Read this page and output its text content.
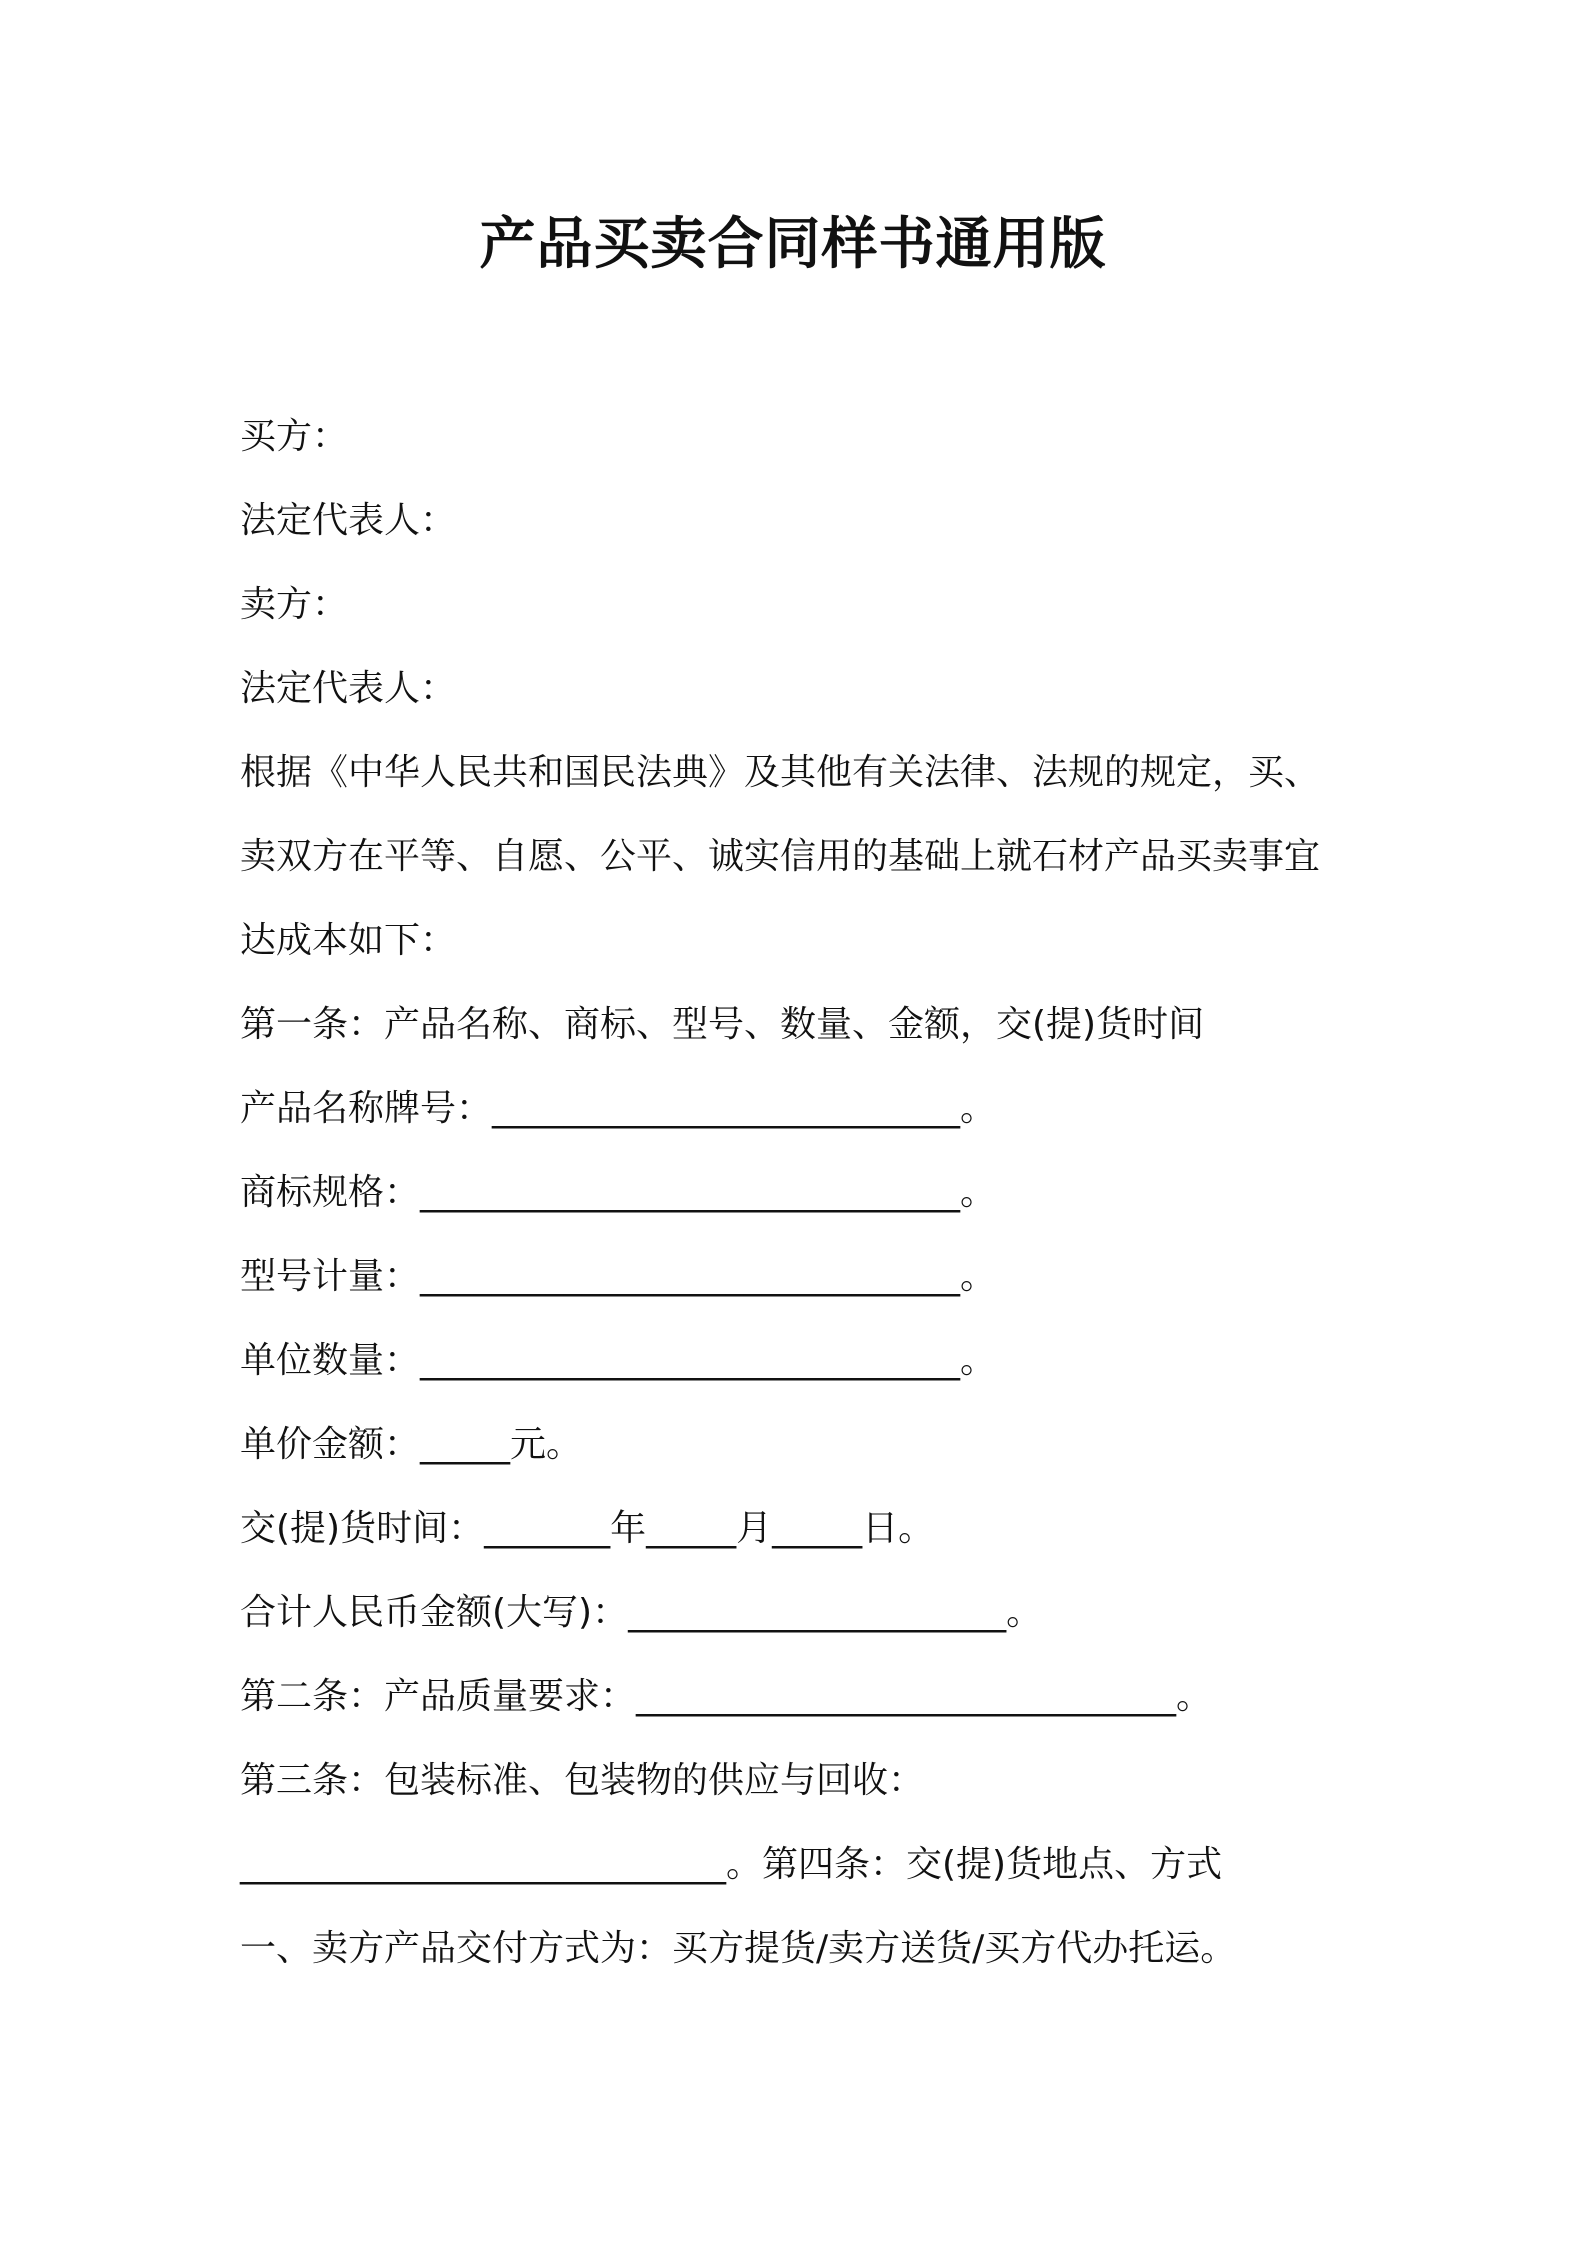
产品买卖合同样书通用版
买方：
法定代表人：
卖方：
法定代表人：
根据《中华人民共和国民法典》及其他有关法律、法规的规定，买、
卖双方在平等、自愿、公平、诚实信用的基础上就石材产品买卖事宜
达成本如下：
第一条：产品名称、商标、型号、数量、金额，交(提)货时间
产品名称牌号：__________________________。
商标规格：______________________________。
型号计量：______________________________。
单位数量：______________________________。
单价金额：_____元。
交(提)货时间：_______年_____月_____日。
合计人民币金额(大写)：_____________________。
第二条：产品质量要求：______________________________。
第三条：包装标准、包装物的供应与回收：
___________________________。第四条：交(提)货地点、方式
一、卖方产品交付方式为：买方提货/卖方送货/买方代办托运。
